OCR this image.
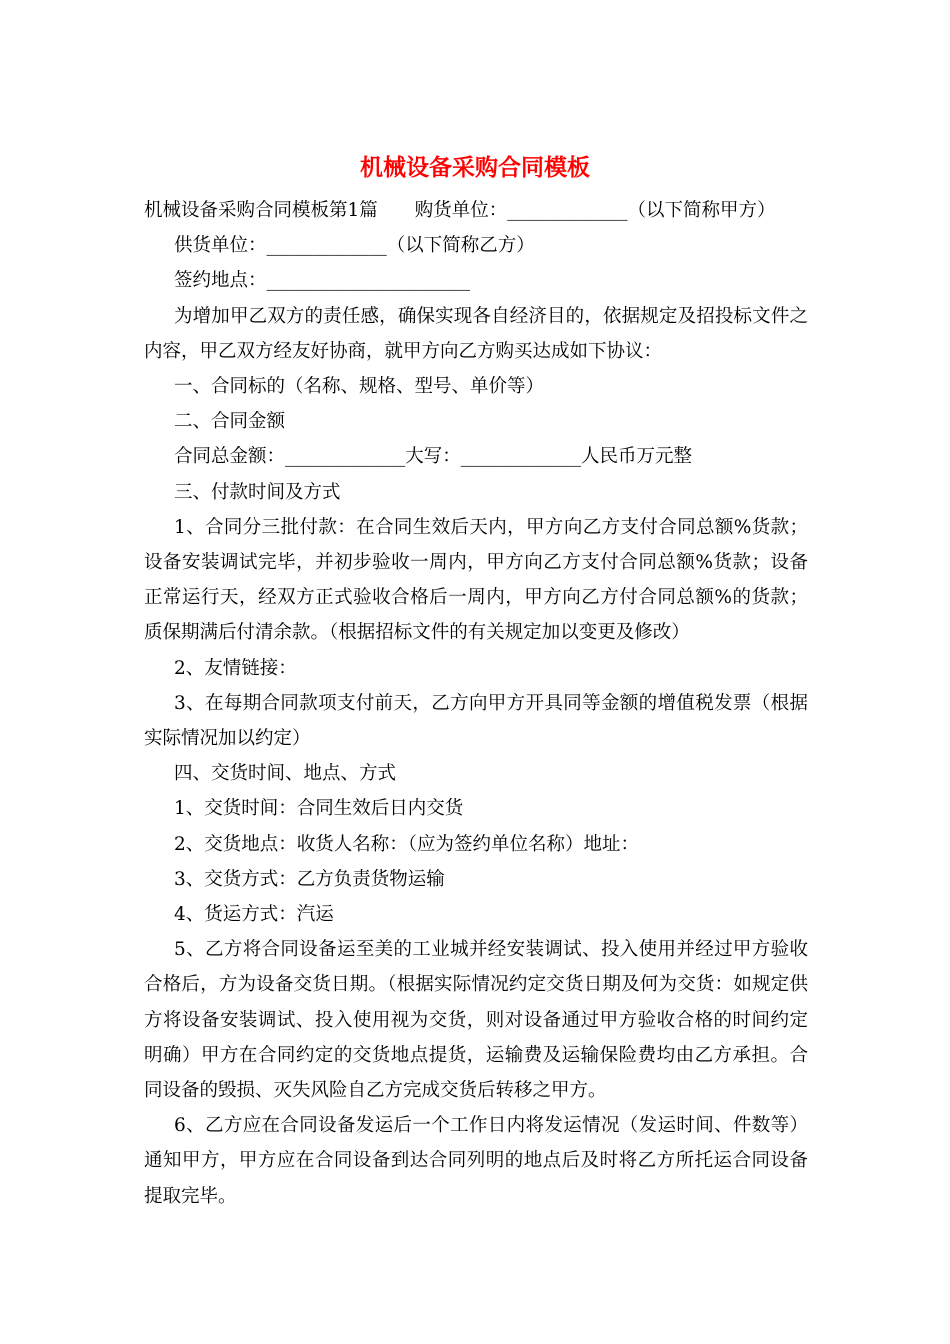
机械设备采购合同模板

机械设备采购合同模板第1篇　　购货单位：_____________（以下简称甲方）

供货单位：_____________（以下简称乙方）

签约地点：______________________

为增加甲乙双方的责任感，确保实现各自经济目的，依据规定及招投标文件之内容，甲乙双方经友好协商，就甲方向乙方购买达成如下协议：

一、合同标的（名称、规格、型号、单价等）

二、合同金额

合同总金额：_____________大写：_____________人民币万元整

三、付款时间及方式

1、合同分三批付款：在合同生效后天内，甲方向乙方支付合同总额%货款；设备安装调试完毕，并初步验收一周内，甲方向乙方支付合同总额%货款；设备正常运行天，经双方正式验收合格后一周内，甲方向乙方付合同总额%的货款；质保期满后付清余款。（根据招标文件的有关规定加以变更及修改）

2、友情链接：

3、在每期合同款项支付前天，乙方向甲方开具同等金额的增值税发票（根据实际情况加以约定）

四、交货时间、地点、方式

1、交货时间：合同生效后日内交货

2、交货地点：收货人名称：（应为签约单位名称）地址：

3、交货方式：乙方负责货物运输

4、货运方式：汽运

5、乙方将合同设备运至美的工业城并经安装调试、投入使用并经过甲方验收合格后，方为设备交货日期。（根据实际情况约定交货日期及何为交货：如规定供方将设备安装调试、投入使用视为交货，则对设备通过甲方验收合格的时间约定明确）甲方在合同约定的交货地点提货，运输费及运输保险费均由乙方承担。合同设备的毁损、灭失风险自乙方完成交货后转移之甲方。

6、乙方应在合同设备发运后一个工作日内将发运情况（发运时间、件数等）通知甲方，甲方应在合同设备到达合同列明的地点后及时将乙方所托运合同设备提取完毕。
